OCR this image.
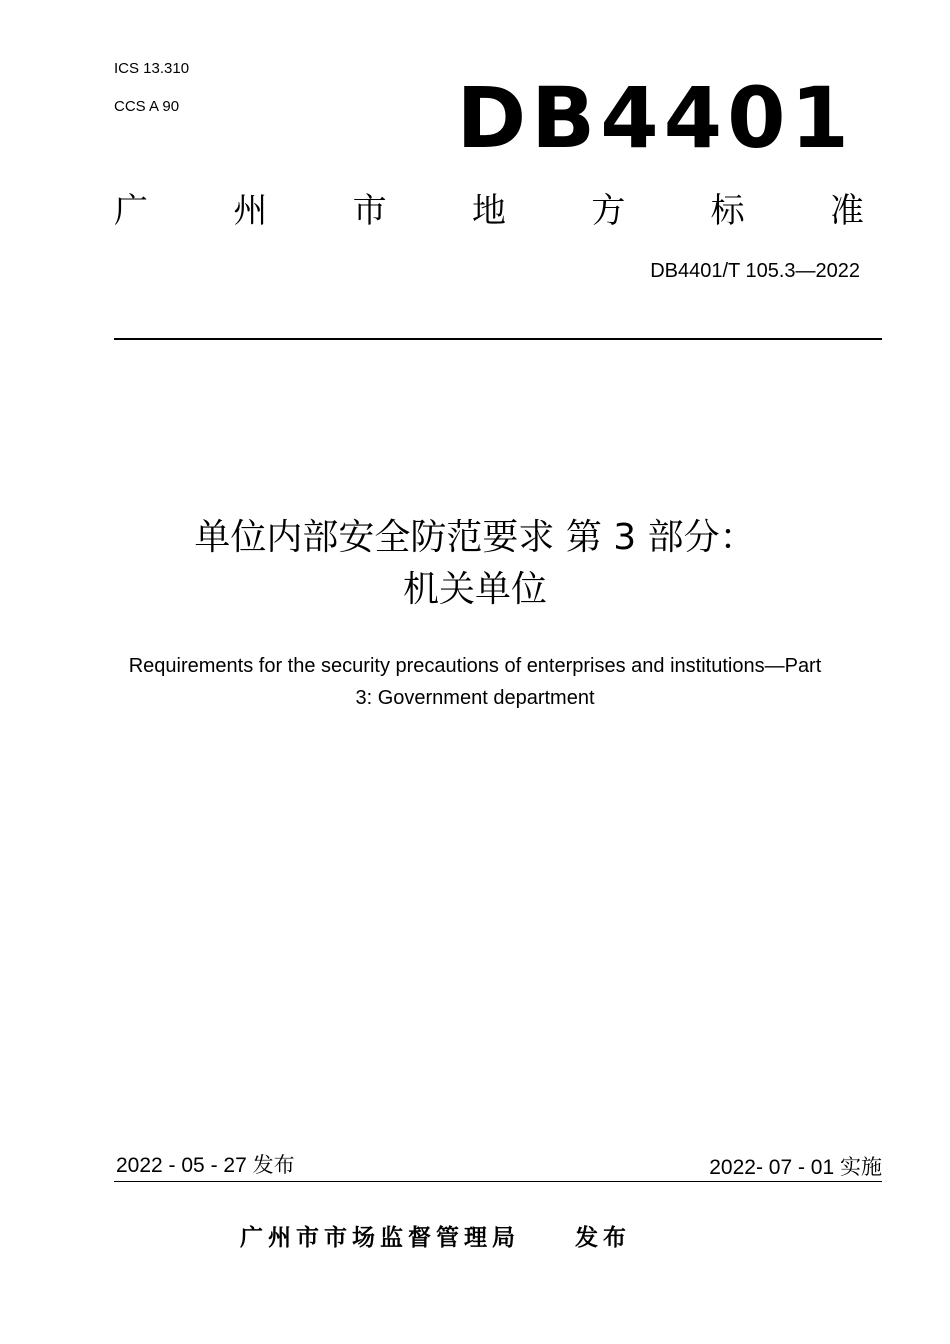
ICS 13.310
CCS A 90	DB4401
广	州	市	地	方	标	准
DB4401/T 105.3—2022
单位内部安全防范要求 第 3 部分：
机关单位
Requirements for the security precautions of enterprises and institutions—Part
3: Government department
2022 - 05 - 27 发布	2022- 07 - 01 实施
广州市市场监督管理局 发布
